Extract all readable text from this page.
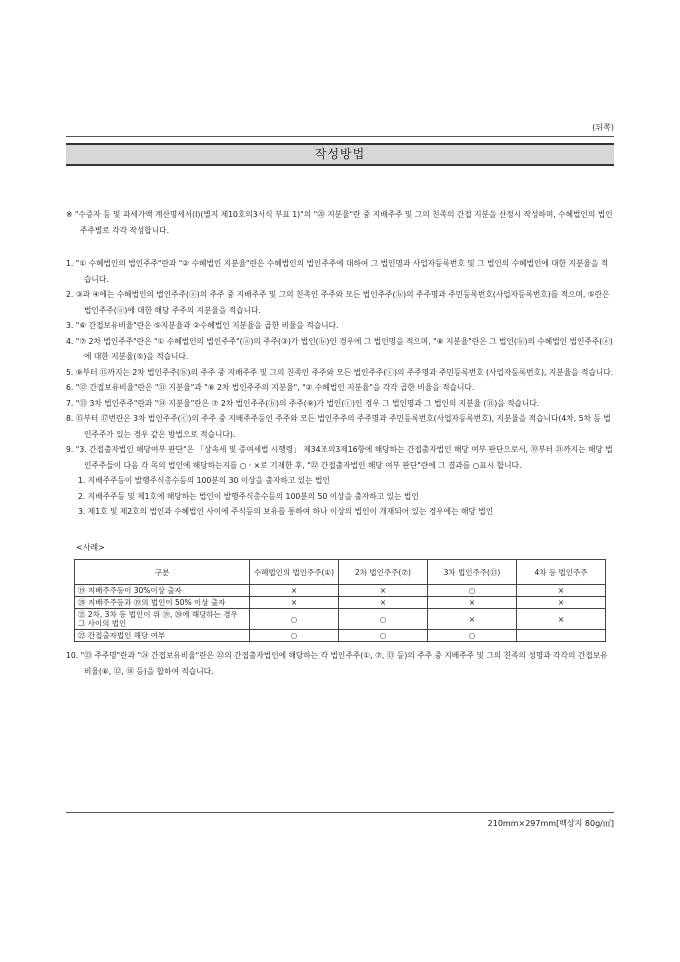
(뒤쪽)
작성방법

※ "수증자 등 및 과세가액 계산명세서(Ⅰ)(별지 제10호의3서식 부표 1)"의 "⑳ 지분율"란 중 지배주주 및 그의 친족의 간접 지분을 산정시 작성하며, 수혜법인의 법인주주별로 각각 작성합니다.

1. "① 수혜법인의 법인주주"란과 "② 수혜법인 지분율"란은 수혜법인의 법인주주에 대하여 그 법인명과 사업자등록번호 및 그 법인의 수혜법인에 대한 지분율을 적습니다.

2. ③과 ④에는 수혜법인의 법인주주(ⓐ)의 주주 중 지배주주 및 그의 친족인 주주와 모든 법인주주(ⓑ)의 주주명과 주민등록번호(사업자등록번호)를 적으며, ⑤란은 법인주주(ⓐ)에 대한 해당 주주의 지분율을 적습니다.

3. "⑥ 간접보유비율"란은 ⑤지분율과 ②수혜법인 지분율을 곱한 비율을 적습니다.

4. "⑦ 2차 법인주주"란은 "① 수혜법인의 법인주주"(ⓐ)의 주주(③)가 법인(ⓑ)인 경우에 그 법인명을 적으며, "⑧ 지분율"란은 그 법인(ⓑ)의 수혜법인 법인주주(ⓐ)에 대한 지분율(⑤)을 적습니다.

5. ⑨부터 ⑪까지는 2차 법인주주(ⓑ)의 주주 중 지배주주 및 그의 친족인 주주와 모든 법인주주(ⓒ)의 주주명과 주민등록번호 (사업자등록번호), 지분율을 적습니다.

6. "⑫ 간접보유비율"란은 "⑪ 지분율"과 "⑧ 2차 법인주주의 지분율", "② 수혜법인 지분율"을 각각 곱한 비율을 적습니다.

7. "⑬ 3차 법인주주"란과 "⑭ 지분율"란은 ⑦ 2차 법인주주(ⓑ)의 주주(⑨)가 법인(ⓒ)인 경우 그 법인명과 그 법인의 지분율 (⑪)을 적습니다.

8. ⑮부터 ⑰번란은 3차 법인주주(ⓒ)의 주주 중 지배주주등인 주주와 모든 법인주주의 주주명과 주민등록번호(사업자등록번호), 지분율을 적습니다(4차, 5차 등 법인주주가 있는 경우 같은 방법으로 적습니다).

9. "3. 간접출자법인 해당여부 판단"은 「상속세 및 증여세법 시행령」 제34조의3제16항에 해당하는 간접출자법인 해당 여부 판단으로서, ⑲부터 ㉑까지는 해당 법인주주들이 다음 각 목의 법인에 해당하는지를 ○ · ×로 기재한 후, "㉒ 간접출자법인 해당 여부 판단"란에 그 결과를 ○표시 합니다.

1. 지배주주등이 발행주식총수등의 100분의 30 이상을 출자하고 있는 법인

2. 지배주주등 및 제1호에 해당하는 법인이 발행주식총수등의 100분의 50 이상을 출자하고 있는 법인

3. 제1호 및 제2호의 법인과 수혜법인 사이에 주식등의 보유를 통하여 하나 이상의 법인이 개재되어 있는 경우에는 해당 법인

<사례>
구분	수혜법인의 법인주주(①)	2차 법인주주(⑦)	3차 법인주주(⑬)	4차 등 법인주주
⑲ 지배주주등이 30%이상 출자	×	×	○	×
⑳ 지배주주등과 ⑲의 법인이 50% 이상 출자	×	×	×	×
㉑ 2차, 3차 등 법인이 위 ⑲, ⑳에 해당하는 경우 그 사이의 법인	○	○	×	×
㉒ 간접출자법인 해당 여부	○	○	○	

10. "㉓ 주주명"란과 "㉔ 간접보유비율"란은 ㉒의 간접출자법인에 해당하는 각 법인주주(①, ⑦, ⑬ 등)의 주주 중 지배주주 및 그의 친족의 성명과 각각의 간접보유비율(⑥, ⑫, ⑱ 등)을 합하여 적습니다.

210mm×297mm[백상지 80g/㎡]
